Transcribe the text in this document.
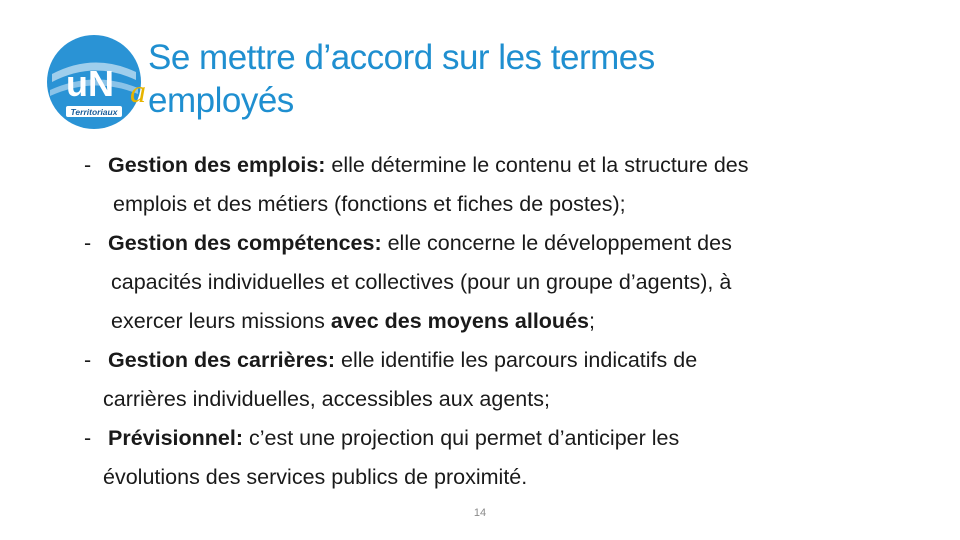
uN a
Territoriaux
Se mettre d’accord sur les termes
employés
- Gestion des emplois: elle détermine le contenu et la structure des
emplois et des métiers (fonctions et fiches de postes);
- Gestion des compétences: elle concerne le développement des
capacités individuelles et collectives (pour un groupe d’agents), à
exercer leurs missions avec des moyens alloués;
- Gestion des carrières: elle identifie les parcours indicatifs de
carrières individuelles, accessibles aux agents;
- Prévisionnel: c’est une projection qui permet d’anticiper les
évolutions des services publics de proximité.
14
